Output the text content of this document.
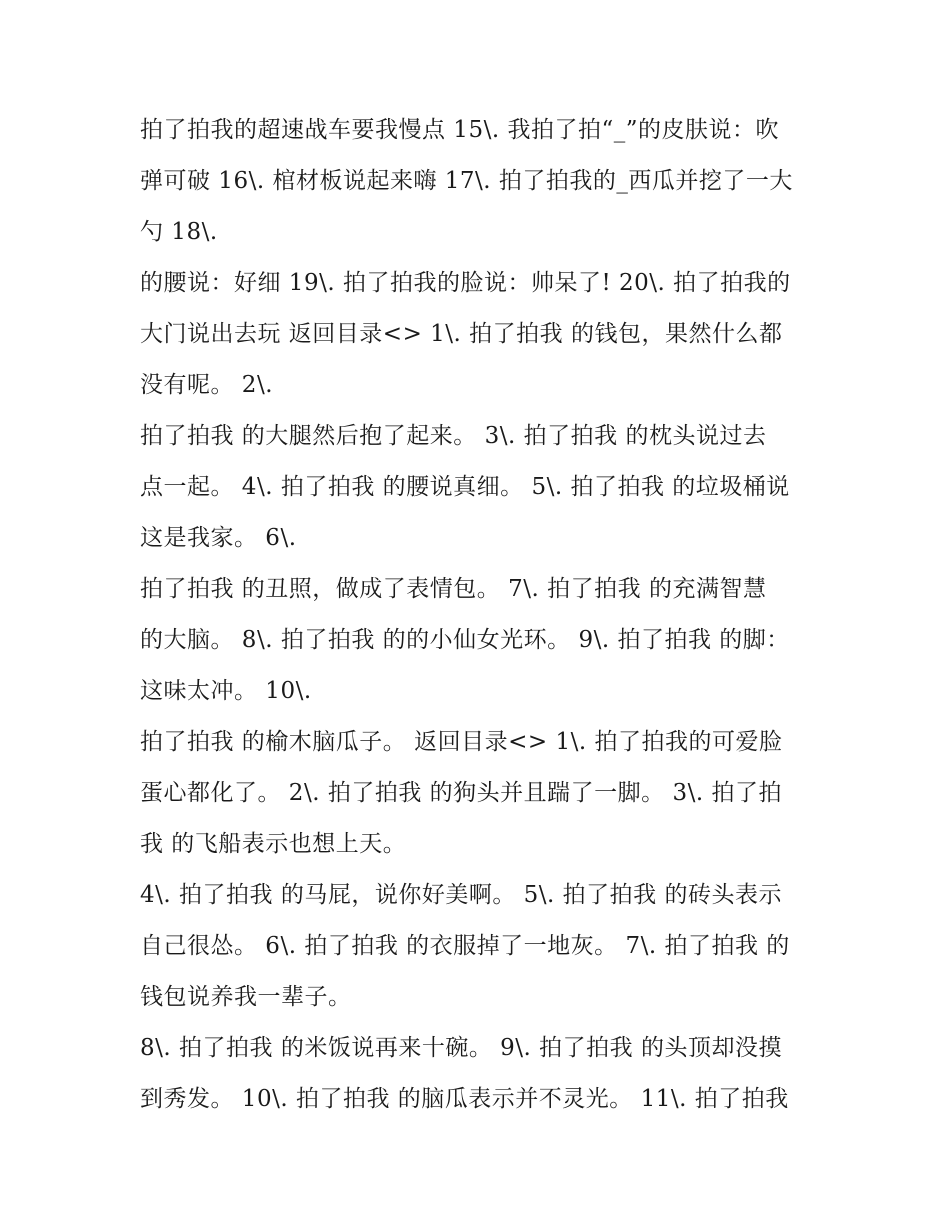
拍了拍我的超速战车要我慢点 15\. 我拍了拍“_”的皮肤说：吹
弹可破 16\. 棺材板说起来嗨 17\. 拍了拍我的_西瓜并挖了一大
勺 18\.
的腰说：好细 19\. 拍了拍我的脸说：帅呆了! 20\. 拍了拍我的
大门说出去玩 返回目录<> 1\. 拍了拍我 的钱包，果然什么都
没有呢。 2\.
拍了拍我 的大腿然后抱了起来。 3\. 拍了拍我 的枕头说过去
点一起。 4\. 拍了拍我 的腰说真细。 5\. 拍了拍我 的垃圾桶说
这是我家。 6\.
拍了拍我 的丑照，做成了表情包。 7\. 拍了拍我 的充满智慧
的大脑。 8\. 拍了拍我 的的小仙女光环。 9\. 拍了拍我 的脚：
这味太冲。 10\.
拍了拍我 的榆木脑瓜子。 返回目录<> 1\. 拍了拍我的可爱脸
蛋心都化了。 2\. 拍了拍我 的狗头并且踹了一脚。 3\. 拍了拍
我 的飞船表示也想上天。
4\. 拍了拍我 的马屁，说你好美啊。 5\. 拍了拍我 的砖头表示
自己很怂。 6\. 拍了拍我 的衣服掉了一地灰。 7\. 拍了拍我 的
钱包说养我一辈子。
8\. 拍了拍我 的米饭说再来十碗。 9\. 拍了拍我 的头顶却没摸
到秀发。 10\. 拍了拍我 的脑瓜表示并不灵光。 11\. 拍了拍我
